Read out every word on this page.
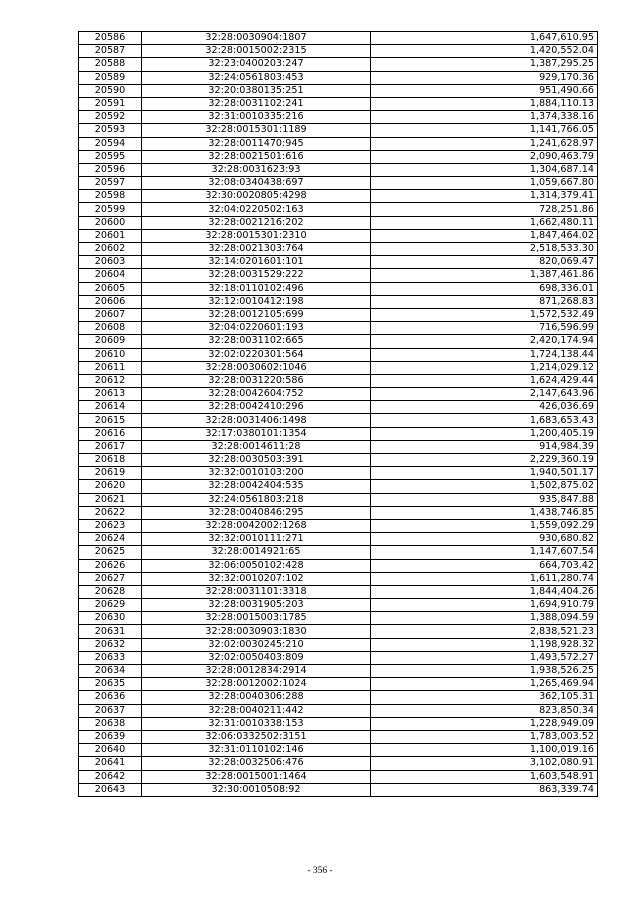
20586	32:28:0030904:1807	1,647,610.95
20587	32:28:0015002:2315	1,420,552.04
20588	32:23:0400203:247	1,387,295.25
20589	32:24:0561803:453	929,170.36
20590	32:20:0380135:251	951,490.66
20591	32:28:0031102:241	1,884,110.13
20592	32:31:0010335:216	1,374,338.16
20593	32:28:0015301:1189	1,141,766.05
20594	32:28:0011470:945	1,241,628.97
20595	32:28:0021501:616	2,090,463.79
20596	32:28:0031623:93	1,304,687.14
20597	32:08:0340438:697	1,059,667.80
20598	32:30:0020805:4298	1,314,379.41
20599	32:04:0220502:163	728,251.86
20600	32:28:0021216:202	1,662,480.11
20601	32:28:0015301:2310	1,847,464.02
20602	32:28:0021303:764	2,518,533.30
20603	32:14:0201601:101	820,069.47
20604	32:28:0031529:222	1,387,461.86
20605	32:18:0110102:496	698,336.01
20606	32:12:0010412:198	871,268.83
20607	32:28:0012105:699	1,572,532.49
20608	32:04:0220601:193	716,596.99
20609	32:28:0031102:665	2,420,174.94
20610	32:02:0220301:564	1,724,138.44
20611	32:28:0030602:1046	1,214,029.12
20612	32:28:0031220:586	1,624,429.44
20613	32:28:0042604:752	2,147,643.96
20614	32:28:0042410:296	426,036.69
20615	32:28:0031406:1498	1,683,653.43
20616	32:17:0380101:1354	1,200,405.19
20617	32:28:0014611:28	914,984.39
20618	32:28:0030503:391	2,229,360.19
20619	32:32:0010103:200	1,940,501.17
20620	32:28:0042404:535	1,502,875.02
20621	32:24:0561803:218	935,847.88
20622	32:28:0040846:295	1,438,746.85
20623	32:28:0042002:1268	1,559,092.29
20624	32:32:0010111:271	930,680.82
20625	32:28:0014921:65	1,147,607.54
20626	32:06:0050102:428	664,703.42
20627	32:32:0010207:102	1,611,280.74
20628	32:28:0031101:3318	1,844,404.26
20629	32:28:0031905:203	1,694,910.79
20630	32:28:0015003:1785	1,388,094.59
20631	32:28:0030903:1830	2,838,521.23
20632	32:02:0030245:210	1,198,928.32
20633	32:02:0050403:809	1,493,572.27
20634	32:28:0012834:2914	1,938,526.25
20635	32:28:0012002:1024	1,265,469.94
20636	32:28:0040306:288	362,105.31
20637	32:28:0040211:442	823,850.34
20638	32:31:0010338:153	1,228,949.09
20639	32:06:0332502:3151	1,783,003.52
20640	32:31:0110102:146	1,100,019.16
20641	32:28:0032506:476	3,102,080.91
20642	32:28:0015001:1464	1,603,548.91
20643	32:30:0010508:92	863,339.74
- 356 -
